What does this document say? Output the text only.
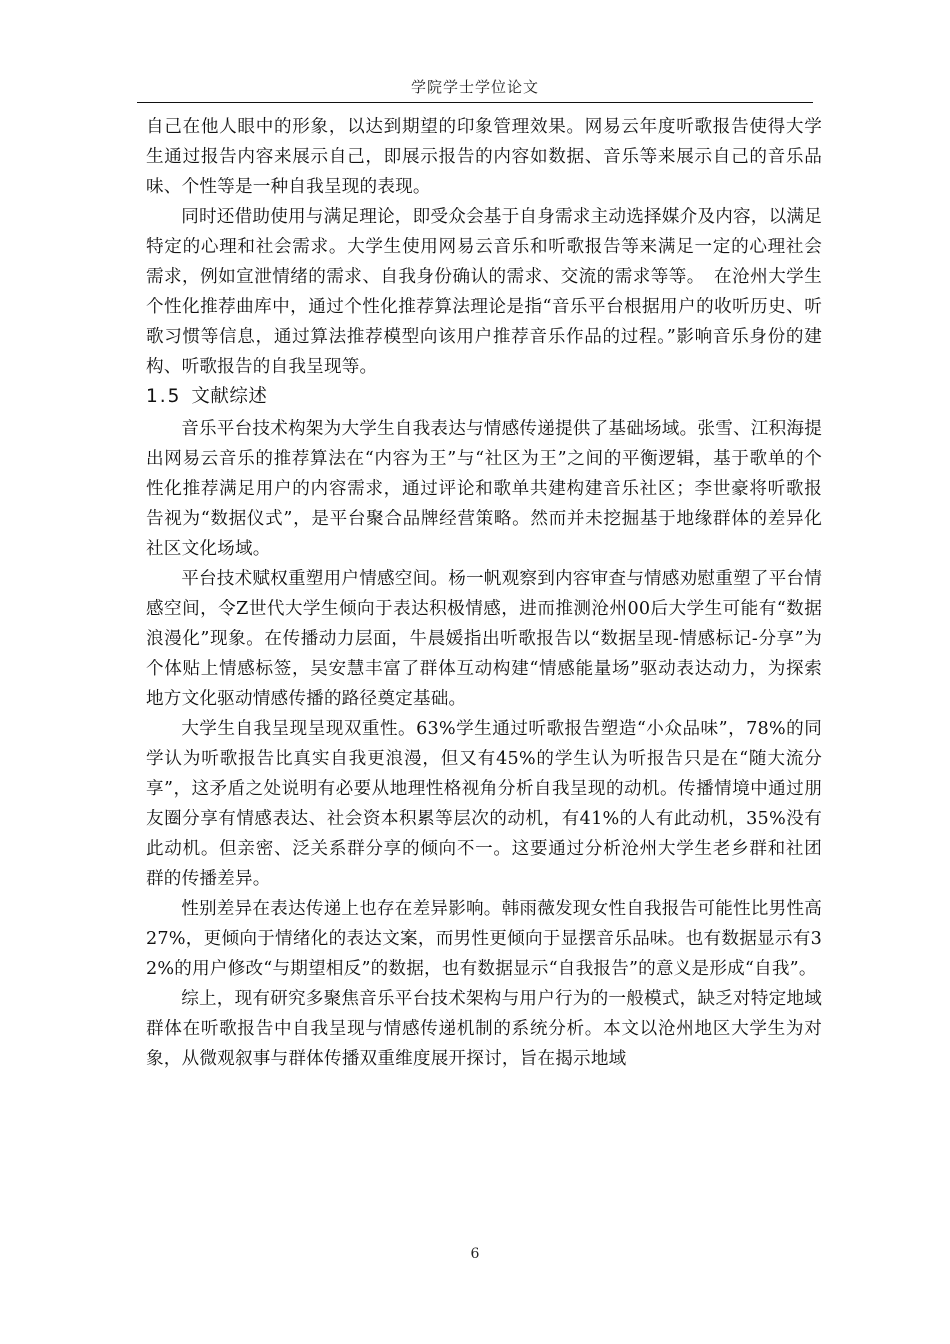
学院学士学位论文

自己在他人眼中的形象，以达到期望的印象管理效果。网易云年度听歌报告使得大学生通过报告内容来展示自己，即展示报告的内容如数据、音乐等来展示自己的音乐品味、个性等是一种自我呈现的表现。

同时还借助使用与满足理论，即受众会基于自身需求主动选择媒介及内容，以满足特定的心理和社会需求。大学生使用网易云音乐和听歌报告等来满足一定的心理社会需求，例如宣泄情绪的需求、自我身份确认的需求、交流的需求等等。　在沧州大学生个性化推荐曲库中，通过个性化推荐算法理论是指“音乐平台根据用户的收听历史、听歌习惯等信息，通过算法推荐模型向该用户推荐音乐作品的过程。”影响音乐身份的建构、听歌报告的自我呈现等。

1.5 文献综述

音乐平台技术构架为大学生自我表达与情感传递提供了基础场域。张雪、江积海提出网易云音乐的推荐算法在“内容为王”与“社区为王”之间的平衡逻辑，基于歌单的个性化推荐满足用户的内容需求，通过评论和歌单共建构建音乐社区；李世豪将听歌报告视为“数据仪式”，是平台聚合品牌经营策略。然而并未挖掘基于地缘群体的差异化社区文化场域。

平台技术赋权重塑用户情感空间。杨一帆观察到内容审查与情感劝慰重塑了平台情感空间，令Z世代大学生倾向于表达积极情感，进而推测沧州00后大学生可能有“数据浪漫化”现象。在传播动力层面，牛晨媛指出听歌报告以“数据呈现-情感标记-分享”为个体贴上情感标签，吴安慧丰富了群体互动构建“情感能量场”驱动表达动力，为探索地方文化驱动情感传播的路径奠定基础。

大学生自我呈现呈现双重性。63%学生通过听歌报告塑造“小众品味”，78%的同学认为听歌报告比真实自我更浪漫，但又有45%的学生认为听报告只是在“随大流分享”，这矛盾之处说明有必要从地理性格视角分析自我呈现的动机。传播情境中通过朋友圈分享有情感表达、社会资本积累等层次的动机，有41%的人有此动机，35%没有此动机。但亲密、泛关系群分享的倾向不一。这要通过分析沧州大学生老乡群和社团群的传播差异。

性别差异在表达传递上也存在差异影响。韩雨薇发现女性自我报告可能性比男性高27%，更倾向于情绪化的表达文案，而男性更倾向于显摆音乐品味。也有数据显示有32%的用户修改“与期望相反”的数据，也有数据显示“自我报告”的意义是形成“自我”。

综上，现有研究多聚焦音乐平台技术架构与用户行为的一般模式，缺乏对特定地域群体在听歌报告中自我呈现与情感传递机制的系统分析。本文以沧州地区大学生为对象，从微观叙事与群体传播双重维度展开探讨，旨在揭示地域

6
